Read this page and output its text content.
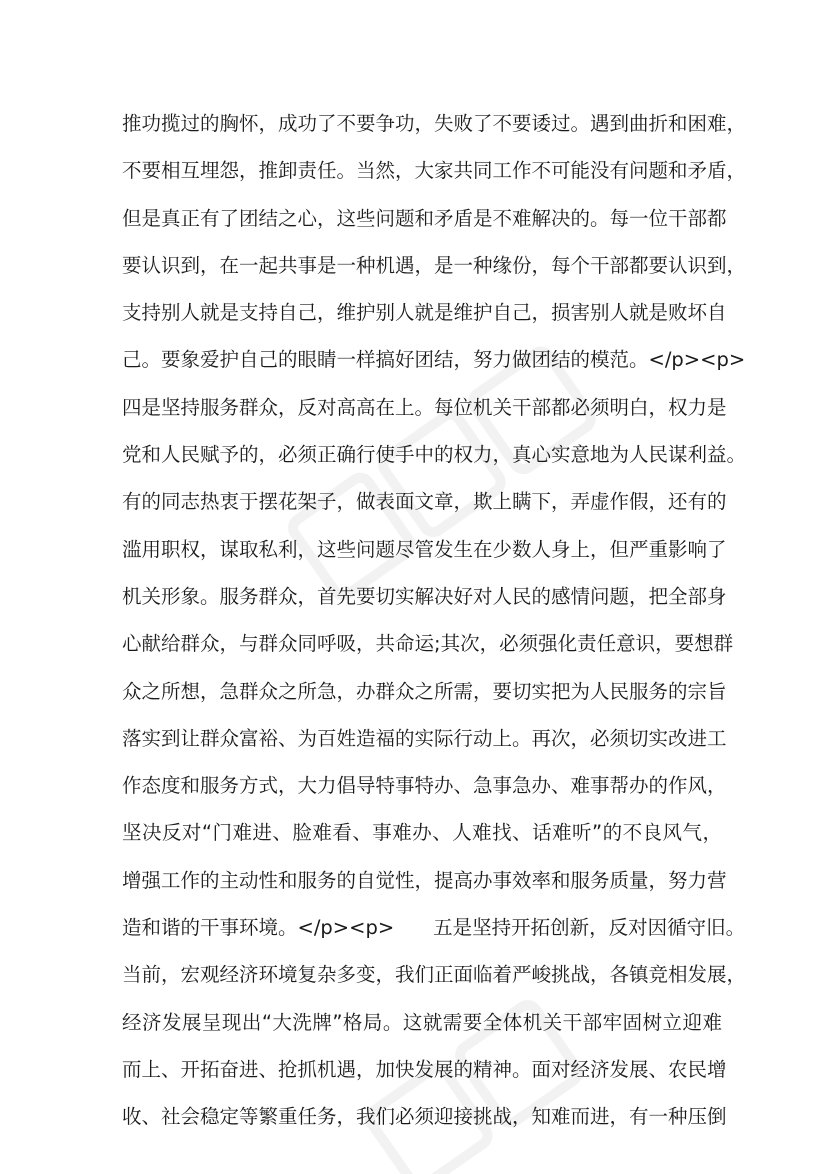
推功揽过的胸怀，成功了不要争功，失败了不要诿过。遇到曲折和困难，
不要相互埋怨，推卸责任。当然，大家共同工作不可能没有问题和矛盾，
但是真正有了团结之心，这些问题和矛盾是不难解决的。每一位干部都
要认识到，在一起共事是一种机遇，是一种缘份，每个干部都要认识到，
支持别人就是支持自己，维护别人就是维护自己，损害别人就是败坏自
己。要象爱护自己的眼睛一样搞好团结，努力做团结的模范。</p><p>
四是坚持服务群众，反对高高在上。每位机关干部都必须明白，权力是
党和人民赋予的，必须正确行使手中的权力，真心实意地为人民谋利益。
有的同志热衷于摆花架子，做表面文章，欺上瞒下，弄虚作假，还有的
滥用职权，谋取私利，这些问题尽管发生在少数人身上，但严重影响了
机关形象。服务群众，首先要切实解决好对人民的感情问题，把全部身
心献给群众，与群众同呼吸，共命运;其次，必须强化责任意识，要想群
众之所想，急群众之所急，办群众之所需，要切实把为人民服务的宗旨
落实到让群众富裕、为百姓造福的实际行动上。再次，必须切实改进工
作态度和服务方式，大力倡导特事特办、急事急办、难事帮办的作风，
坚决反对“门难进、脸难看、事难办、人难找、话难听”的不良风气，
增强工作的主动性和服务的自觉性，提高办事效率和服务质量，努力营
造和谐的干事环境。</p><p>　　五是坚持开拓创新，反对因循守旧。
当前，宏观经济环境复杂多变，我们正面临着严峻挑战，各镇竞相发展，
经济发展呈现出“大洗牌”格局。这就需要全体机关干部牢固树立迎难
而上、开拓奋进、抢抓机遇，加快发展的精神。面对经济发展、农民增
收、社会稳定等繁重任务，我们必须迎接挑战，知难而进，有一种压倒
